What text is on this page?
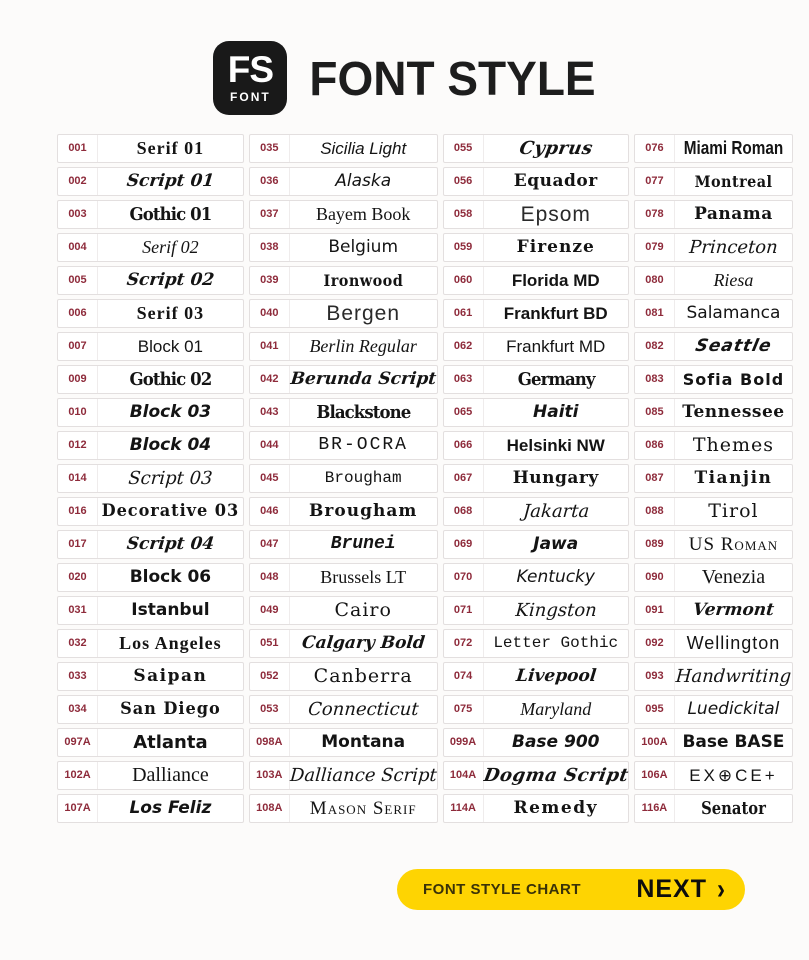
FS
FONT FONT STYLE
001	Serif 01
002	Script 01
003	Gothic 01
004	Serif 02
005	Script 02
006	Serif 03
007	Block 01
009	Gothic 02
010	Block 03
012	Block 04
014	Script 03
016 Decorative 03
017	Script 04
020	Block 06
031	Istanbul
032	Los Angeles
033	Saipan
034	San Diego
097A	Atlanta
102A	Dalliance
107A	Los Feliz
035	Sicilia Light
036	Alaska
037	Bayem Book
038	Belgium
039	Ironwood
040	Bergen
041	Berlin Regular
042 Berunda Script
043	Blackstone
044	BR-OCRA
045	Brougham
046	Brougham
047	Brunei
048	Brussels LT
049	Cairo
051	Calgary Bold
052	Canberra
053	Connecticut
098A	Montana
103A Dalliance Script
108A	Mason Serif
055	Cyprus
056	Equador
058	Epsom
059	Firenze
060	Florida MD
061	Frankfurt BD
062	Frankfurt MD
063	Germany
065	Haiti
066	Helsinki NW
067	Hungary
068	Jakarta
069	Jawa
070	Kentucky
071	Kingston
072	Letter Gothic
074	Livepool
075	Maryland
099A	Base 900
104A Dogma Script
114A	Remedy
076	Miami Roman
077	Montreal
078	Panama
079	Princeton
080	Riesa
081	Salamanca
082	Seattle
083	Sofia Bold
085	Tennessee
086	Themes
087	Tianjin
088	Tirol
089	US Roman
090	Venezia
091	Vermont
092	Wellington
093 Handwriting
095	Luedickital
100A Base BASE
106A	EX⊕CE+
116A	Senator
FONT STYLE CHART NEXT ›
